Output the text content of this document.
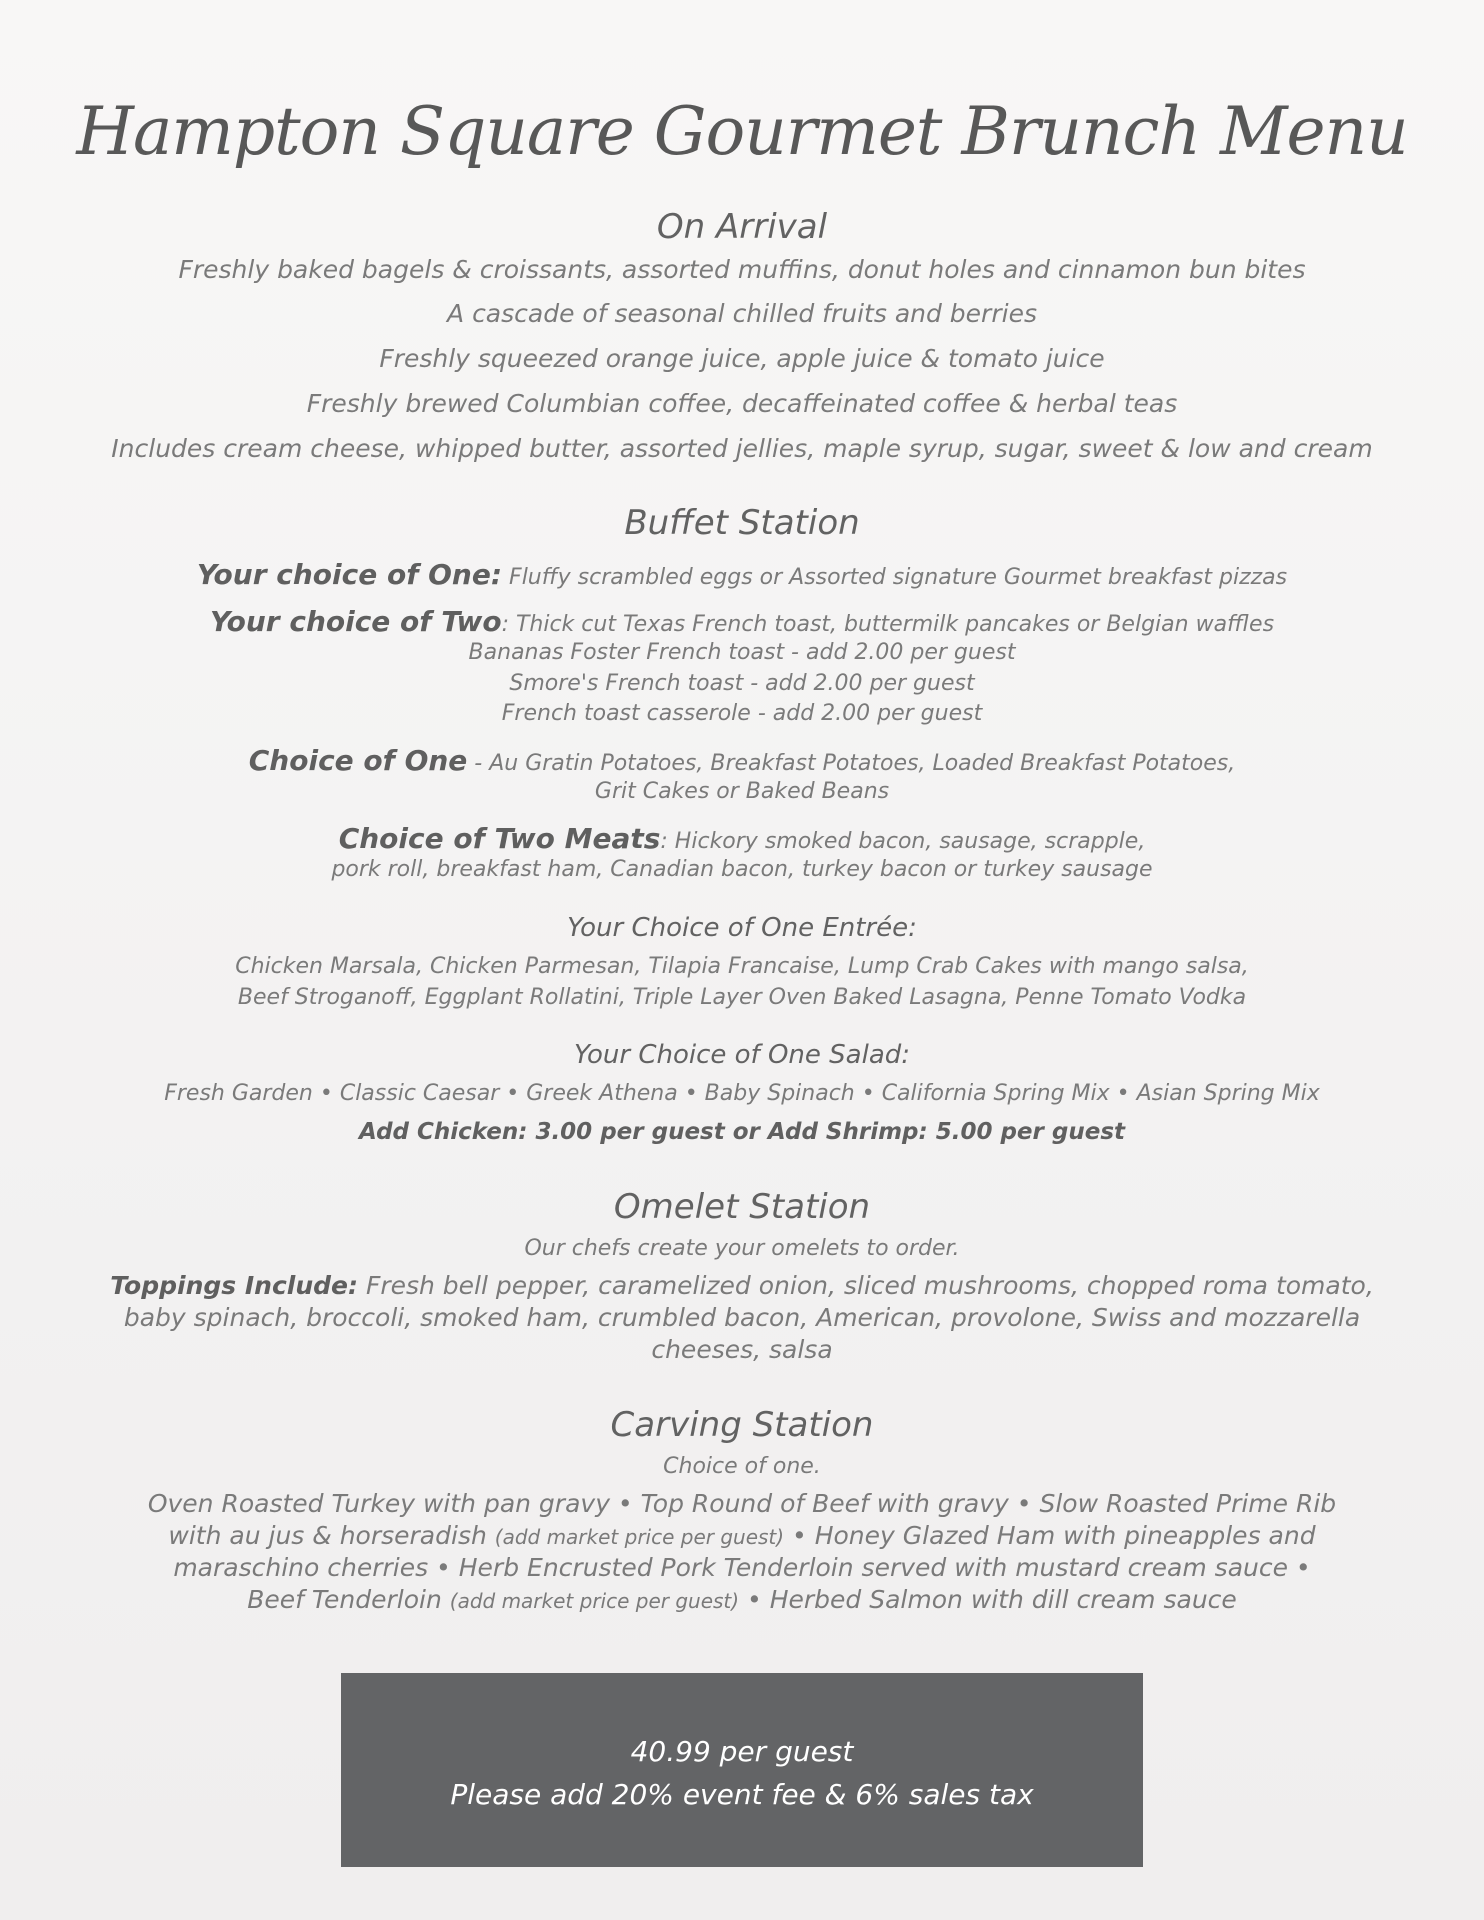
Hampton Square Gourmet Brunch Menu
On Arrival
Freshly baked bagels & croissants, assorted muffins, donut holes and cinnamon bun bites
A cascade of seasonal chilled fruits and berries
Freshly squeezed orange juice, apple juice & tomato juice
Freshly brewed Columbian coffee, decaffeinated coffee & herbal teas
Includes cream cheese, whipped butter, assorted jellies, maple syrup, sugar, sweet & low and cream
Buffet Station
Your choice of One: Fluffy scrambled eggs or Assorted signature Gourmet breakfast pizzas
Your choice of Two: Thick cut Texas French toast, buttermilk pancakes or Belgian waffles
Bananas Foster French toast - add 2.00 per guest
Smore's French toast - add 2.00 per guest
French toast casserole - add 2.00 per guest
Choice of One - Au Gratin Potatoes, Breakfast Potatoes, Loaded Breakfast Potatoes,
Grit Cakes or Baked Beans
Choice of Two Meats: Hickory smoked bacon, sausage, scrapple,
pork roll, breakfast ham, Canadian bacon, turkey bacon or turkey sausage
Your Choice of One Entrée:
Chicken Marsala, Chicken Parmesan, Tilapia Francaise, Lump Crab Cakes with mango salsa,
Beef Stroganoff, Eggplant Rollatini, Triple Layer Oven Baked Lasagna, Penne Tomato Vodka
Your Choice of One Salad:
Fresh Garden • Classic Caesar • Greek Athena • Baby Spinach • California Spring Mix • Asian Spring Mix
Add Chicken: 3.00 per guest or Add Shrimp: 5.00 per guest
Omelet Station
Our chefs create your omelets to order.
Toppings Include: Fresh bell pepper, caramelized onion, sliced mushrooms, chopped roma tomato,
baby spinach, broccoli, smoked ham, crumbled bacon, American, provolone, Swiss and mozzarella
cheeses, salsa
Carving Station
Choice of one.
Oven Roasted Turkey with pan gravy • Top Round of Beef with gravy • Slow Roasted Prime Rib
with au jus & horseradish (add market price per guest) • Honey Glazed Ham with pineapples and
maraschino cherries • Herb Encrusted Pork Tenderloin served with mustard cream sauce •
Beef Tenderloin (add market price per guest) • Herbed Salmon with dill cream sauce
40.99 per guest
Please add 20% event fee & 6% sales tax
